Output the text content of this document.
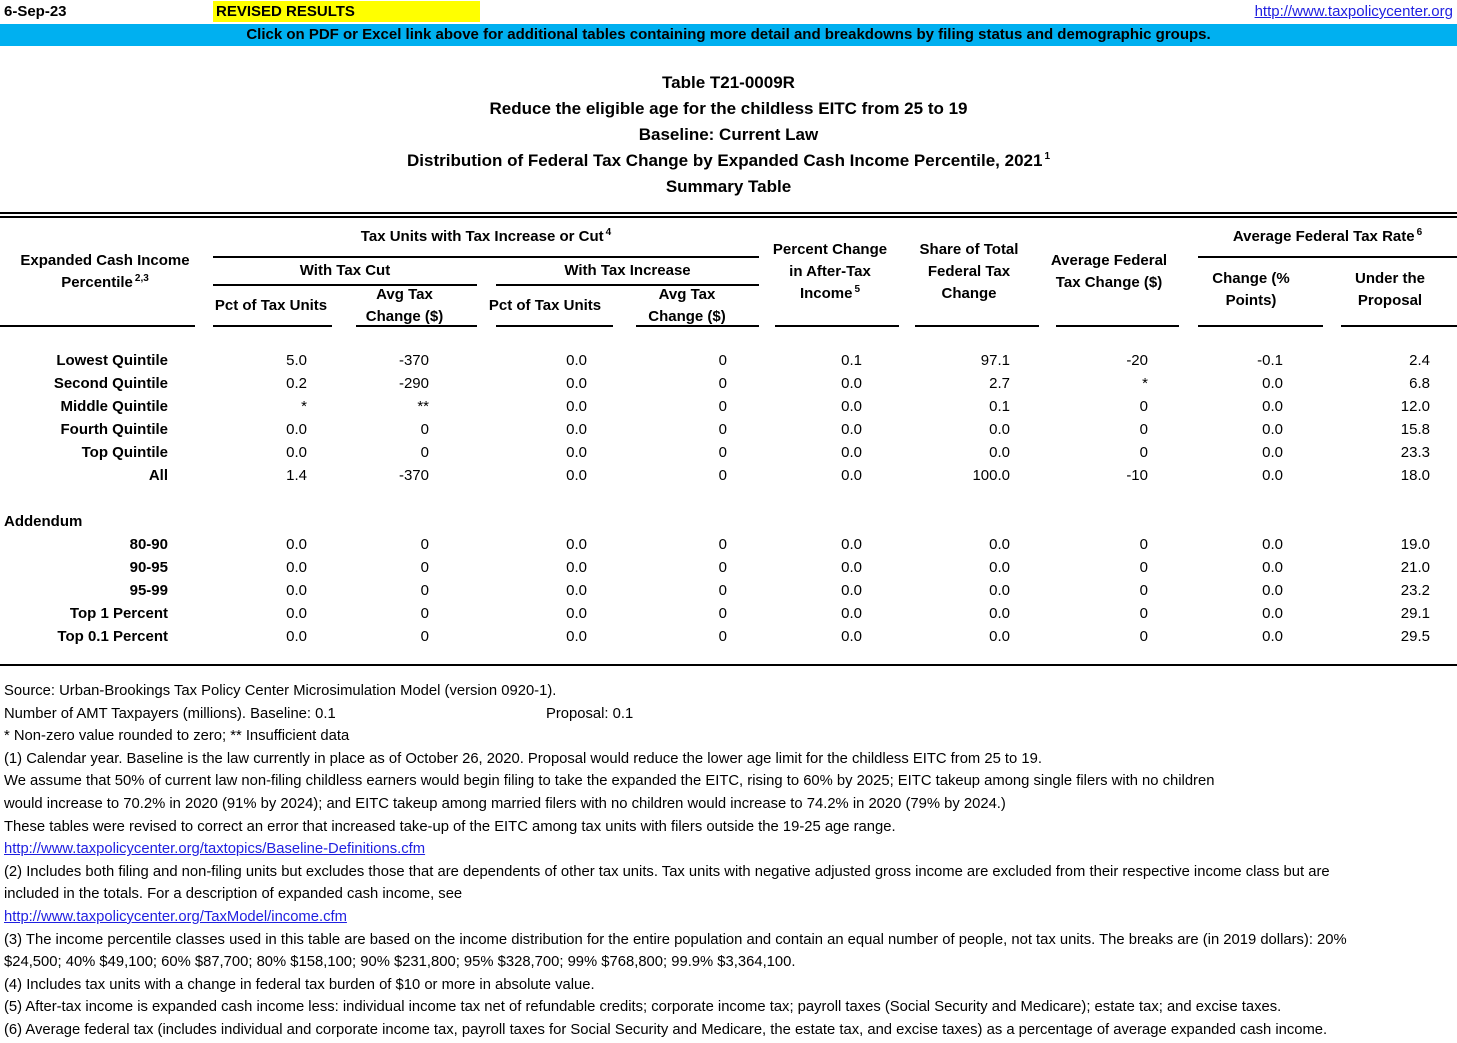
6-Sep-23	REVISED RESULTS	http://www.taxpolicycenter.org
Click on PDF or Excel link above for additional tables containing more detail and breakdowns by filing status and demographic groups.
Table T21-0009R
Reduce the eligible age for the childless EITC from 25 to 19
Baseline: Current Law
Distribution of Federal Tax Change by Expanded Cash Income Percentile, 2021 $^1$
Summary Table
Expanded Cash Income Percentile $^{2,3}$
Tax Units with Tax Increase or Cut $^4$
Percent Change in After-Tax Income $^5$
Share of Total Federal Tax Change
Average Federal Tax Change ($)
Average Federal Tax Rate $^6$
With Tax Cut	With Tax Increase	Change (% Points)
Under the Proposal
Pct of Tax Units
Avg Tax Change ($)
Pct of Tax Units
Avg Tax Change ($)
Lowest Quintile	5.0	-370	0.0	0	0.1	97.1	-20	-0.1	2.4
Second Quintile	0.2	-290	0.0	0	0.0	2.7	*	0.0	6.8
Middle Quintile	*	**	0.0	0	0.0	0.1	0	0.0	12.0
Fourth Quintile	0.0	0	0.0	0	0.0	0.0	0	0.0	15.8
Top Quintile	0.0	0	0.0	0	0.0	0.0	0	0.0	23.3
All	1.4	-370	0.0	0	0.0	100.0	-10	0.0	18.0
Addendum
80-90	0.0	0	0.0	0	0.0	0.0	0	0.0	19.0
90-95	0.0	0	0.0	0	0.0	0.0	0	0.0	21.0
95-99	0.0	0	0.0	0	0.0	0.0	0	0.0	23.2
Top 1 Percent	0.0	0	0.0	0	0.0	0.0	0	0.0	29.1
Top 0.1 Percent	0.0	0	0.0	0	0.0	0.0	0	0.0	29.5
Source: Urban-Brookings Tax Policy Center Microsimulation Model (version 0920-1).
Number of AMT Taxpayers (millions). Baseline: 0.1	Proposal: 0.1
* Non-zero value rounded to zero; ** Insufficient data
(1) Calendar year. Baseline is the law currently in place as of October 26, 2020. Proposal would reduce the lower age limit for the childless EITC from 25 to 19.
We assume that 50% of current law non-filing childless earners would begin filing to take the expanded the EITC, rising to 60% by 2025; EITC takeup among single filers with no children
would increase to 70.2% in 2020 (91% by 2024); and EITC takeup among married filers with no children would increase to 74.2% in 2020 (79% by 2024.)
These tables were revised to correct an error that increased take-up of the EITC among tax units with filers outside the 19-25 age range.
http://www.taxpolicycenter.org/taxtopics/Baseline-Definitions.cfm
(2) Includes both filing and non-filing units but excludes those that are dependents of other tax units. Tax units with negative adjusted gross income are excluded from their respective income class but are
included in the totals. For a description of expanded cash income, see
http://www.taxpolicycenter.org/TaxModel/income.cfm
(3) The income percentile classes used in this table are based on the income distribution for the entire population and contain an equal number of people, not tax units. The breaks are (in 2019 dollars): 20%
$24,500; 40% $49,100; 60% $87,700; 80% $158,100; 90% $231,800; 95% $328,700; 99% $768,800; 99.9% $3,364,100.
(4) Includes tax units with a change in federal tax burden of $10 or more in absolute value.
(5) After-tax income is expanded cash income less: individual income tax net of refundable credits; corporate income tax; payroll taxes (Social Security and Medicare); estate tax; and excise taxes.
(6) Average federal tax (includes individual and corporate income tax, payroll taxes for Social Security and Medicare, the estate tax, and excise taxes) as a percentage of average expanded cash income.
